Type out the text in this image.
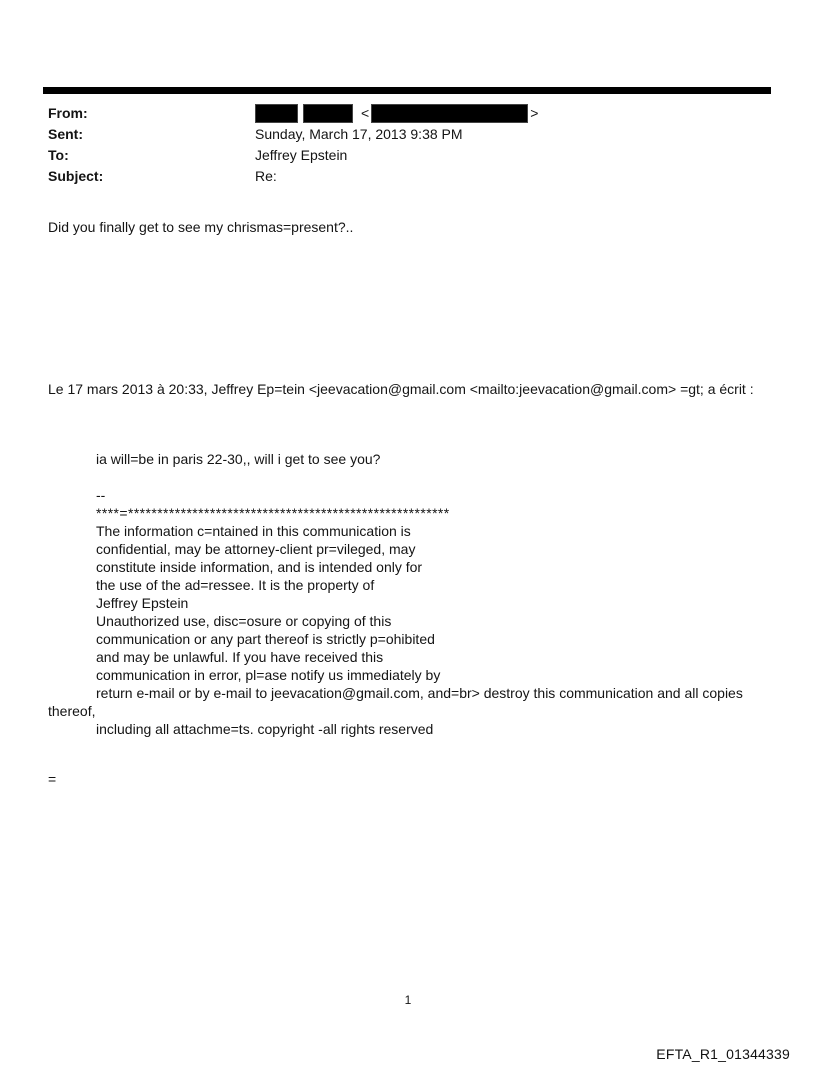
From:	<	>
Sent:	Sunday, March 17, 2013 9:38 PM
To:	Jeffrey Epstein
Subject:	Re:
Did you finally get to see my chrismas=present?..
Le 17 mars 2013 à 20:33, Jeffrey Ep=tein <jeevacation@gmail.com <mailto:jeevacation@gmail.com> =gt; a écrit :
ia will=be in paris 22-30,, will i get to see you?
--
****=*******************************************************
The information c=ntained in this communication is
confidential, may be attorney-client pr=vileged, may
constitute inside information, and is intended only for
the use of the ad=ressee. It is the property of
Jeffrey Epstein
Unauthorized use, disc=osure or copying of this
communication or any part thereof is strictly p=ohibited
and may be unlawful. If you have received this
communication in error, pl=ase notify us immediately by
return e-mail or by e-mail to jeevacation@gmail.com, and=br> destroy this communication and all copies
thereof,
including all attachme=ts. copyright -all rights reserved
=
1
EFTA_R1_01344339
